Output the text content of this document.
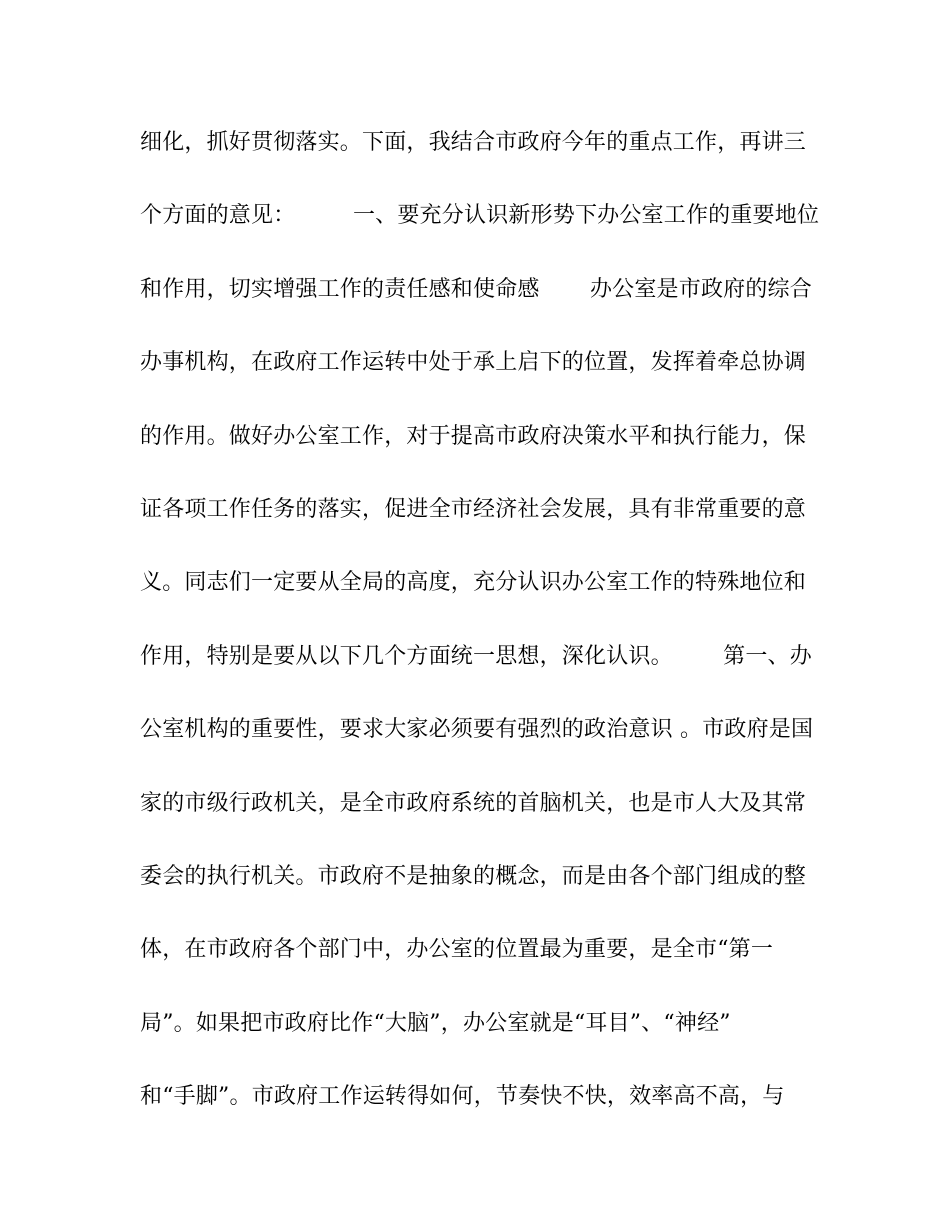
细化，抓好贯彻落实。下面，我结合市政府今年的重点工作，再讲三
个方面的意见：        一、要充分认识新形势下办公室工作的重要地位
和作用，切实增强工作的责任感和使命感       办公室是市政府的综合
办事机构，在政府工作运转中处于承上启下的位置，发挥着牵总协调
的作用。做好办公室工作，对于提高市政府决策水平和执行能力，保
证各项工作任务的落实，促进全市经济社会发展，具有非常重要的意
义。同志们一定要从全局的高度，充分认识办公室工作的特殊地位和
作用，特别是要从以下几个方面统一思想，深化认识。       第一、办
公室机构的重要性，要求大家必须要有强烈的政治意识 。市政府是国
家的市级行政机关，是全市政府系统的首脑机关，也是市人大及其常
委会的执行机关。市政府不是抽象的概念，而是由各个部门组成的整
体，在市政府各个部门中，办公室的位置最为重要，是全市“第一
局”。如果把市政府比作“大脑”，办公室就是“耳目”、“神经”
和“手脚”。市政府工作运转得如何，节奏快不快，效率高不高，与
